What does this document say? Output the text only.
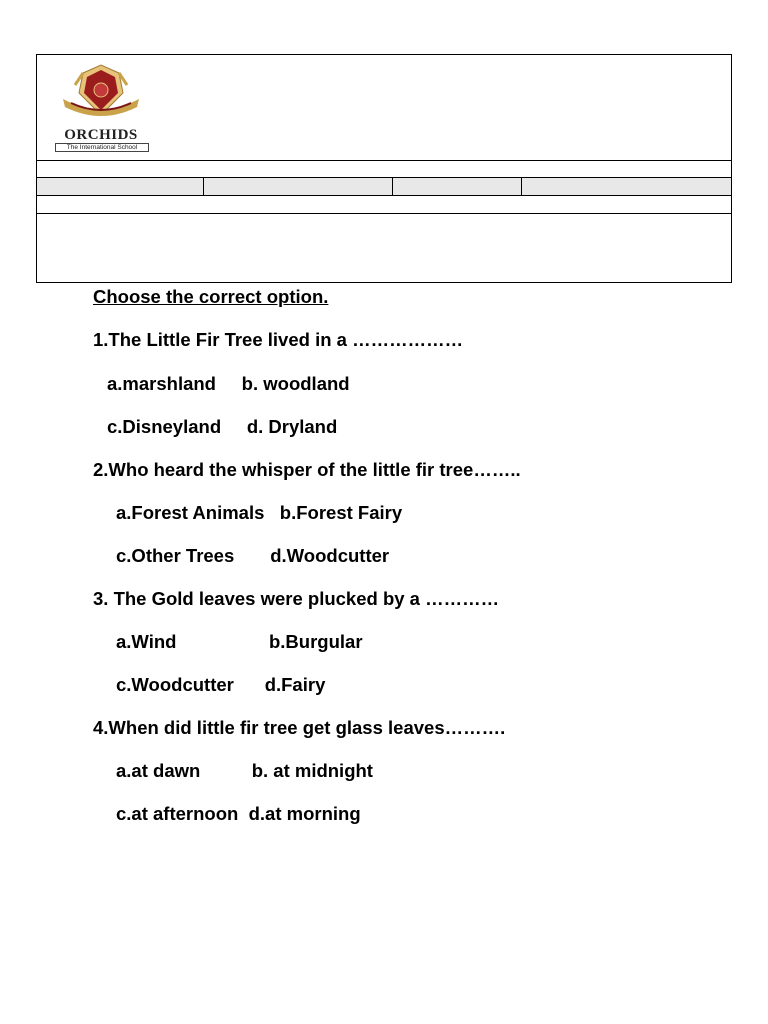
ORCHIDS
The International School
Choose the correct option.
1.The Little Fir Tree lived in a ………………
a.marshland     b. woodland
c.Disneyland     d. Dryland
2.Who heard the whisper of the little fir tree……..
a.Forest Animals   b.Forest Fairy
c.Other Trees       d.Woodcutter
3. The Gold leaves were plucked by a …………
a.Wind                  b.Burgular
c.Woodcutter      d.Fairy
4.When did little fir tree get glass leaves……….
a.at dawn          b. at midnight
c.at afternoon  d.at morning
